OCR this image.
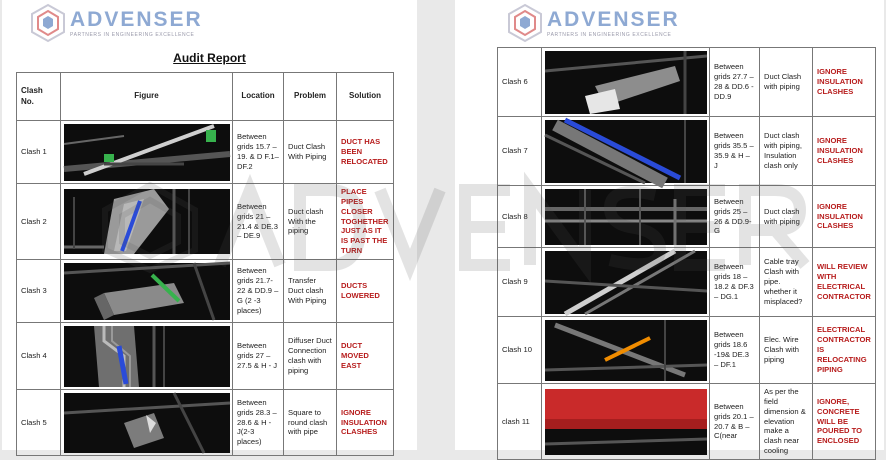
ADVENSER
PARTNERS IN ENGINEERING EXCELLENCE
Audit Report
Clash No.	Figure	Location	Problem	Solution
Clash 1		Between grids 15.7 – 19. & D F.1– DF.2	Duct Clash With Piping	DUCT HAS BEEN RELOCATED
Clash 2		Between grids 21 – 21.4 & DE.3 – DE.9	Duct clash With the piping	PLACE PIPES CLOSER TOGHETHER JUST AS IT IS PAST THE TURN
Clash 3		Between grids 21.7-22 & DD.9 – G (2 -3 places)	Transfer Duct clash With Piping	DUCTS LOWERED
Clash 4		Between grids 27 – 27.5 & H - J	Diffuser Duct Connection clash with piping	DUCT MOVED EAST
Clash 5		Between grids 28.3 – 28.6 & H - J(2-3 places)	Square to round clash with pipe	IGNORE INSULATION CLASHES
ADVENSER
PARTNERS IN ENGINEERING EXCELLENCE
Clash 6		Between grids 27.7 – 28 & DD.6 - DD.9	Duct Clash with piping	IGNORE INSULATION CLASHES
Clash 7		Between grids 35.5 – 35.9 & H – J	Duct clash with piping, Insulation clash only	IGNORE INSULATION CLASHES
Clash 8		Between grids 25 – 26 & DD.9-G	Duct clash with piping	IGNORE INSULATION CLASHES
Clash 9		Between grids 18 – 18.2 & DF.3 – DG.1	Cable tray Clash with pipe. whether it misplaced?	WILL REVIEW WITH ELECTRICAL CONTRACTOR
Clash 10		Between grids 18.6 -19& DE.3 – DF.1	Elec. Wire Clash with piping	ELECTRICAL CONTRACTOR IS RELOCATING PIPING
clash 11		Between grids 20.1 – 20.7 & B – C(near	As per the field dimension & elevation make a clash near cooling	IGNORE, CONCRETE WILL BE POURED TO ENCLOSED
